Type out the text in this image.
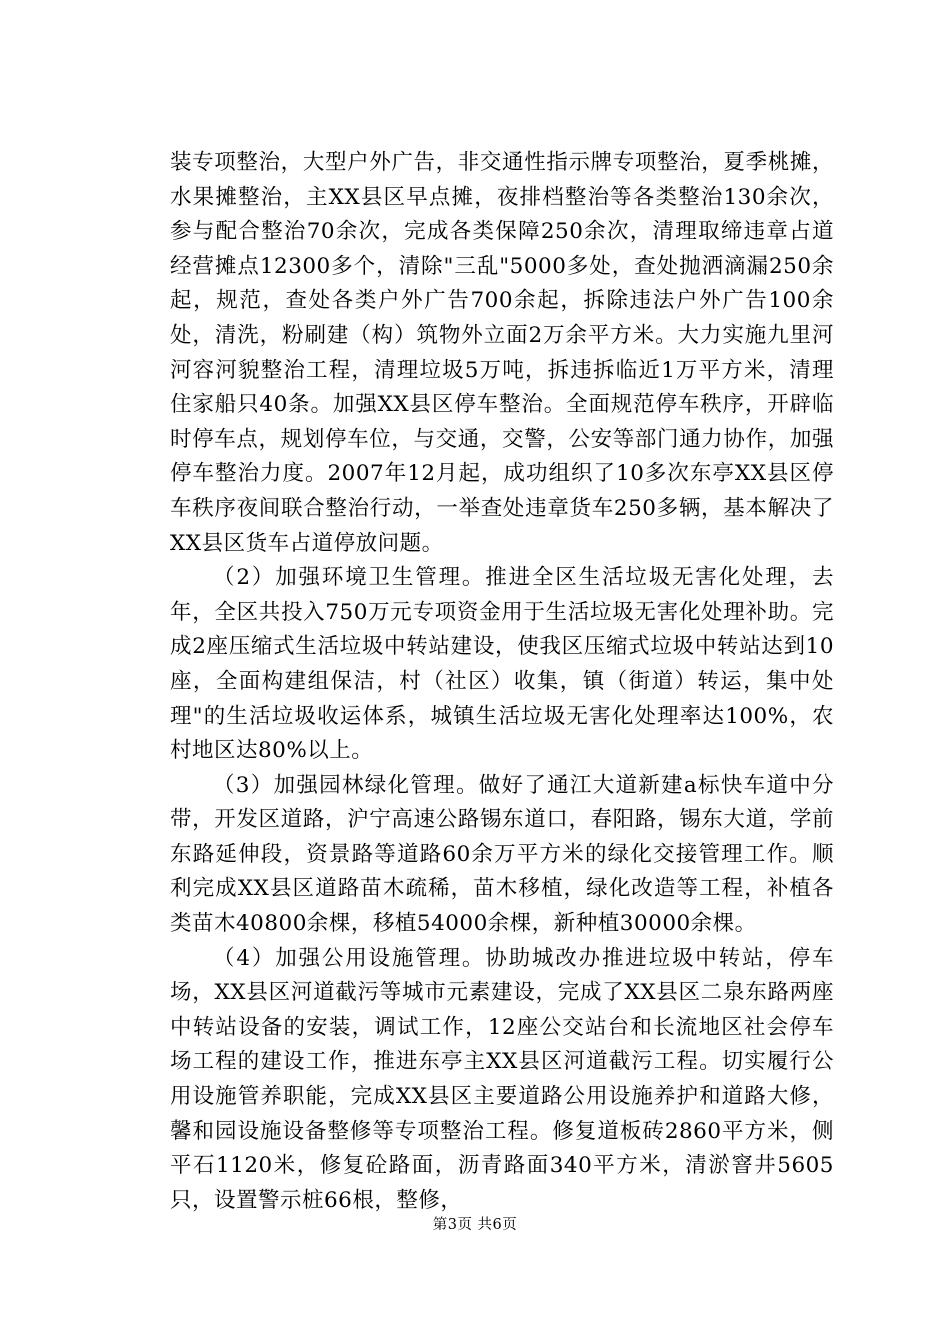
装专项整治，大型户外广告，非交通性指示牌专项整治，夏季桃摊，水果摊整治，主XX县区早点摊，夜排档整治等各类整治130余次，参与配合整治70余次，完成各类保障250余次，清理取缔违章占道经营摊点12300多个，清除"三乱"5000多处，查处抛洒滴漏250余起，规范，查处各类户外广告700余起，拆除违法户外广告100余处，清洗，粉刷建（构）筑物外立面2万余平方米。大力实施九里河河容河貌整治工程，清理垃圾5万吨，拆违拆临近1万平方米，清理住家船只40条。加强XX县区停车整治。全面规范停车秩序，开辟临时停车点，规划停车位，与交通，交警，公安等部门通力协作，加强停车整治力度。2007年12月起，成功组织了10多次东亭XX县区停车秩序夜间联合整治行动，一举查处违章货车250多辆，基本解决了XX县区货车占道停放问题。

（2）加强环境卫生管理。推进全区生活垃圾无害化处理，去年，全区共投入750万元专项资金用于生活垃圾无害化处理补助。完成2座压缩式生活垃圾中转站建设，使我区压缩式垃圾中转站达到10座，全面构建组保洁，村（社区）收集，镇（街道）转运，集中处理"的生活垃圾收运体系，城镇生活垃圾无害化处理率达100%，农村地区达80%以上。

（3）加强园林绿化管理。做好了通江大道新建a标快车道中分带，开发区道路，沪宁高速公路锡东道口，春阳路，锡东大道，学前东路延伸段，资景路等道路60余万平方米的绿化交接管理工作。顺利完成XX县区道路苗木疏稀，苗木移植，绿化改造等工程，补植各类苗木40800余棵，移植54000余棵，新种植30000余棵。

（4）加强公用设施管理。协助城改办推进垃圾中转站，停车场，XX县区河道截污等城市元素建设，完成了XX县区二泉东路两座中转站设备的安装，调试工作，12座公交站台和长流地区社会停车场工程的建设工作，推进东亭主XX县区河道截污工程。切实履行公用设施管养职能，完成XX县区主要道路公用设施养护和道路大修，馨和园设施设备整修等专项整治工程。修复道板砖2860平方米，侧平石1120米，修复砼路面，沥青路面340平方米，清淤窨井5605只，设置警示桩66根，整修，

第3页 共6页
